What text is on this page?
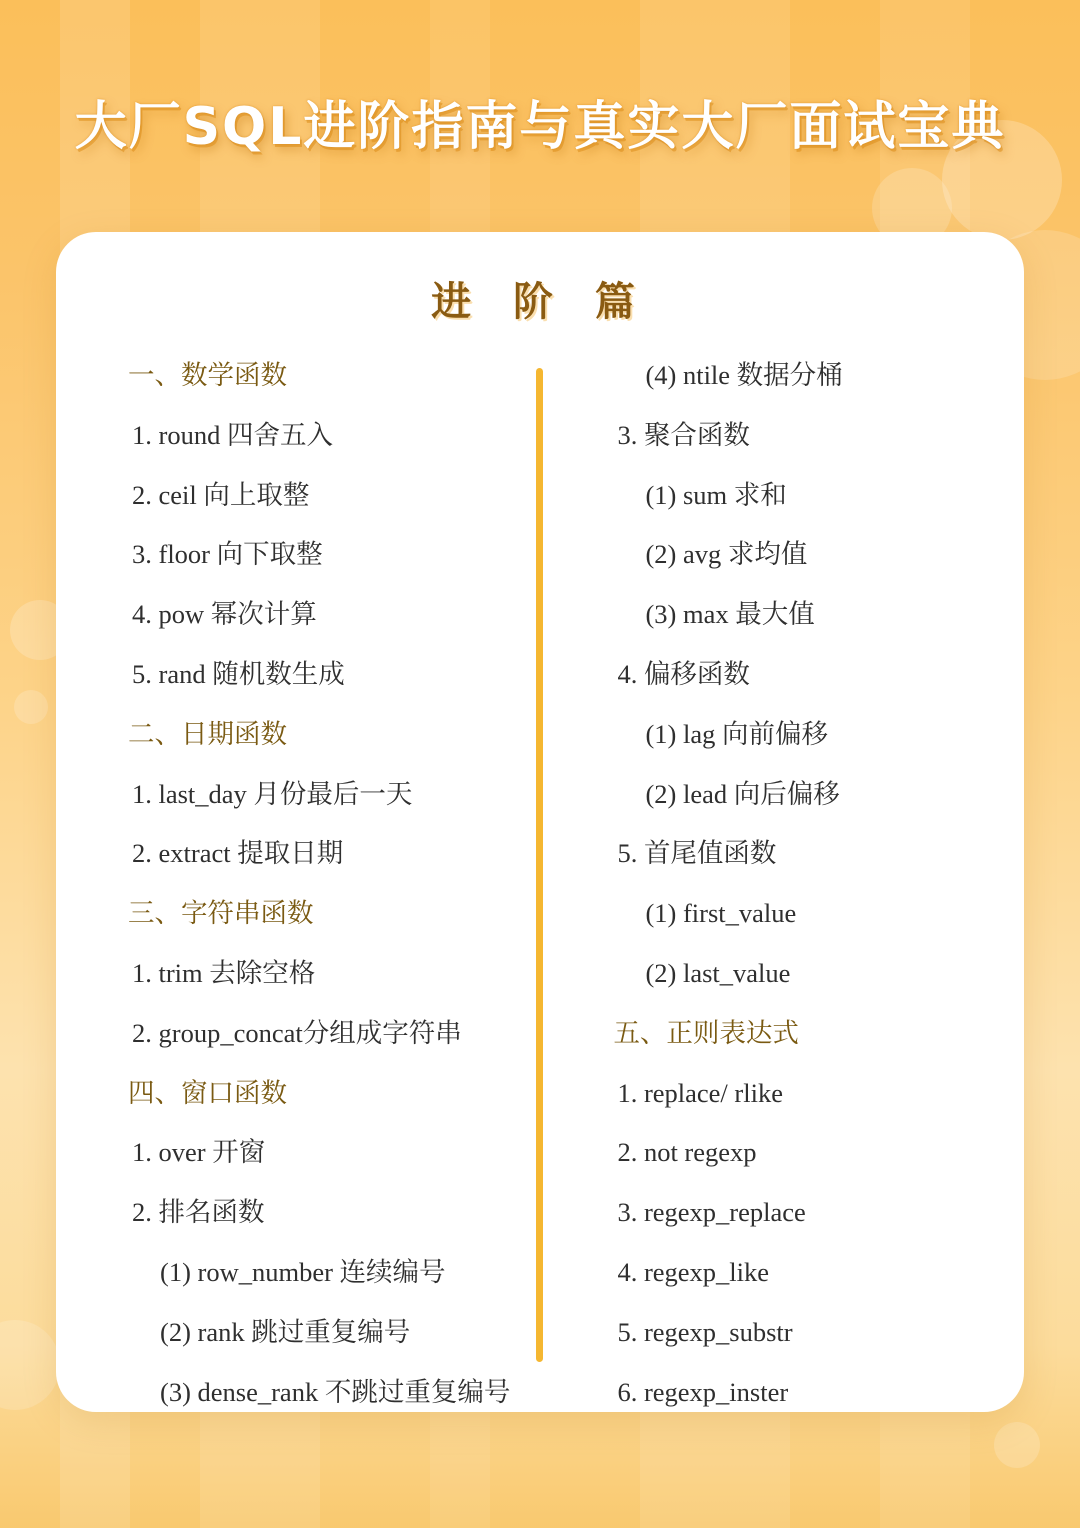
大厂SQL进阶指南与真实大厂面试宝典
进 阶 篇
一、数学函数
1. round 四舍五入
2. ceil 向上取整
3. floor 向下取整
4. pow 幂次计算
5. rand 随机数生成
二、日期函数
1. last_day 月份最后一天
2. extract 提取日期
三、字符串函数
1. trim 去除空格
2. group_concat分组成字符串
四、窗口函数
1. over 开窗
2. 排名函数
(1) row_number 连续编号
(2) rank 跳过重复编号
(3) dense_rank 不跳过重复编号
(4) ntile 数据分桶
3. 聚合函数
(1) sum 求和
(2) avg 求均值
(3) max 最大值
4. 偏移函数
(1) lag 向前偏移
(2) lead 向后偏移
5. 首尾值函数
(1) first_value
(2) last_value
五、正则表达式
1. replace/ rlike
2. not regexp
3. regexp_replace
4. regexp_like
5. regexp_substr
6. regexp_inster
